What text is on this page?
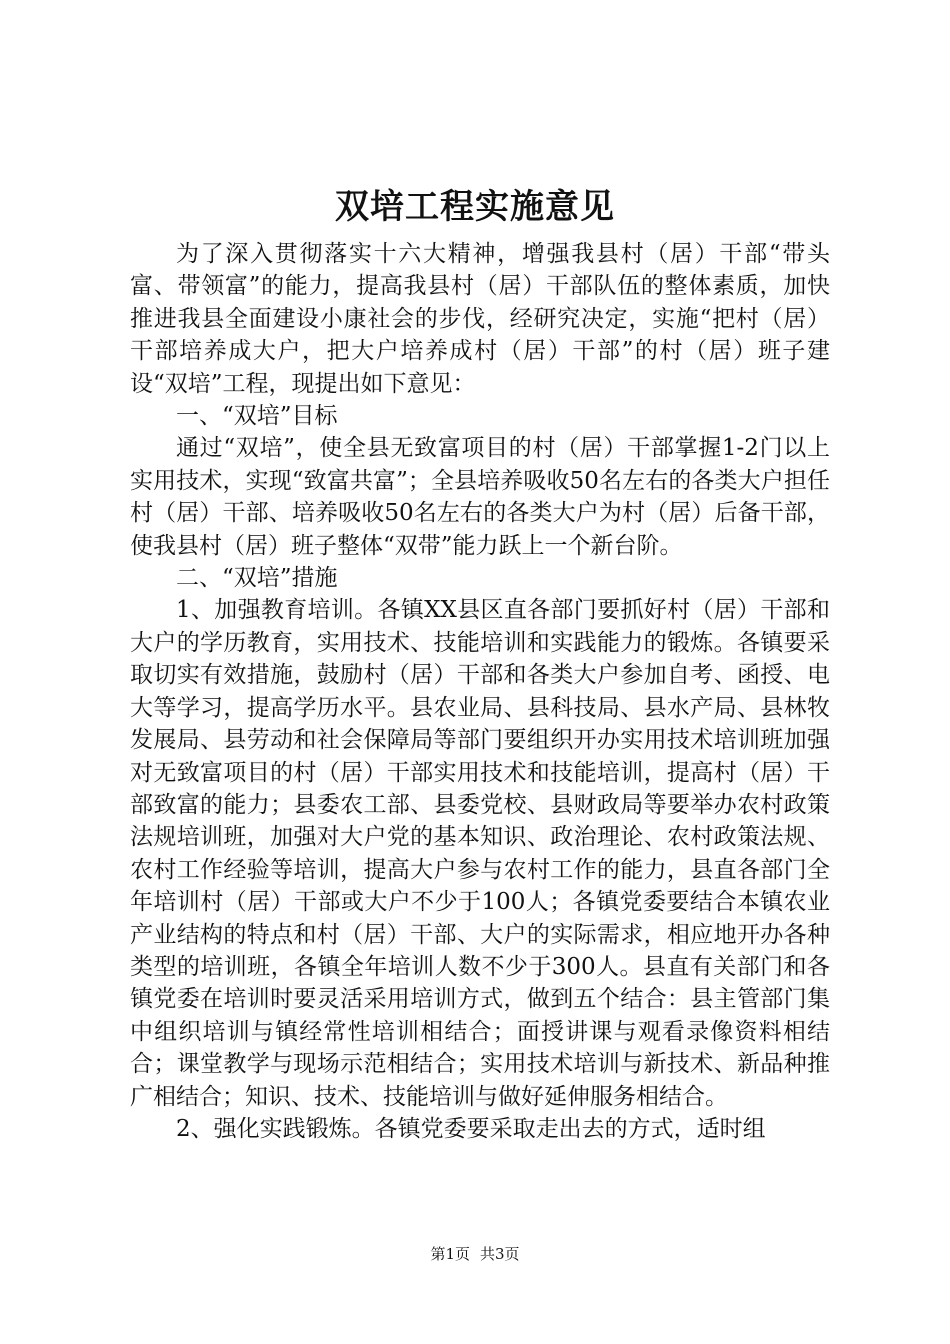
双培工程实施意见

为了深入贯彻落实十六大精神，增强我县村（居）干部“带头富、带领富”的能力，提高我县村（居）干部队伍的整体素质，加快推进我县全面建设小康社会的步伐，经研究决定，实施“把村（居）干部培养成大户，把大户培养成村（居）干部”的村（居）班子建设“双培”工程，现提出如下意见：

一、“双培”目标

通过“双培”，使全县无致富项目的村（居）干部掌握1-2门以上实用技术，实现“致富共富”；全县培养吸收50名左右的各类大户担任村（居）干部、培养吸收50名左右的各类大户为村（居）后备干部，使我县村（居）班子整体“双带”能力跃上一个新台阶。

二、“双培”措施

1、加强教育培训。各镇XX县区直各部门要抓好村（居）干部和大户的学历教育，实用技术、技能培训和实践能力的锻炼。各镇要采取切实有效措施，鼓励村（居）干部和各类大户参加自考、函授、电大等学习，提高学历水平。县农业局、县科技局、县水产局、县林牧发展局、县劳动和社会保障局等部门要组织开办实用技术培训班加强对无致富项目的村（居）干部实用技术和技能培训，提高村（居）干部致富的能力；县委农工部、县委党校、县财政局等要举办农村政策法规培训班，加强对大户党的基本知识、政治理论、农村政策法规、农村工作经验等培训，提高大户参与农村工作的能力，县直各部门全年培训村（居）干部或大户不少于100人；各镇党委要结合本镇农业产业结构的特点和村（居）干部、大户的实际需求，相应地开办各种类型的培训班，各镇全年培训人数不少于300人。县直有关部门和各镇党委在培训时要灵活采用培训方式，做到五个结合：县主管部门集中组织培训与镇经常性培训相结合；面授讲课与观看录像资料相结合；课堂教学与现场示范相结合；实用技术培训与新技术、新品种推广相结合；知识、技术、技能培训与做好延伸服务相结合。

2、强化实践锻炼。各镇党委要采取走出去的方式，适时组

第1页 共3页
